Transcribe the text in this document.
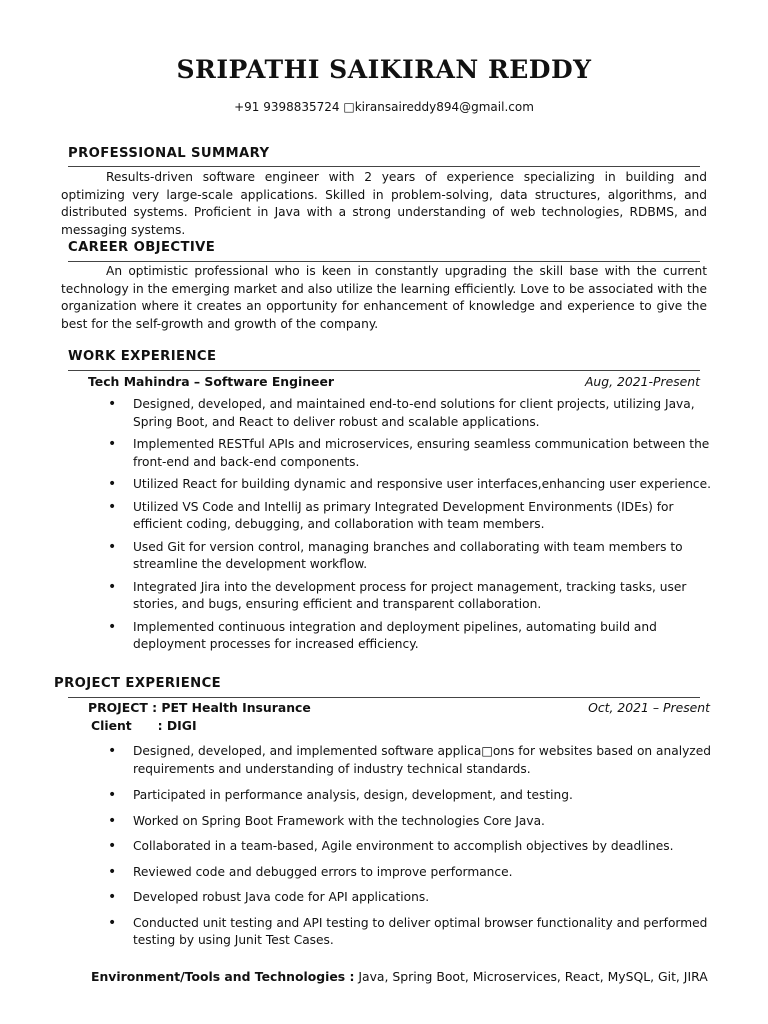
SRIPATHI SAIKIRAN REDDY
+91 9398835724 □kiransaireddy894@gmail.com
PROFESSIONAL SUMMARY

Results-driven software engineer with 2 years of experience specializing in building and optimizing very large-scale applications. Skilled in problem-solving, data structures, algorithms, and distributed systems. Proficient in Java with a strong understanding of web technologies, RDBMS, and messaging systems.

CAREER OBJECTIVE

An optimistic professional who is keen in constantly upgrading the skill base with the current technology in the emerging market and also utilize the learning efficiently. Love to be associated with the organization where it creates an opportunity for enhancement of knowledge and experience to give the best for the self-growth and growth of the company.

WORK EXPERIENCE
Tech Mahindra – Software Engineer	Aug, 2021-Present
• Designed, developed, and maintained end-to-end solutions for client projects, utilizing Java, Spring Boot, and React to deliver robust and scalable applications.
• Implemented RESTful APIs and microservices, ensuring seamless communication between the front-end and back-end components.
• Utilized React for building dynamic and responsive user interfaces,enhancing user experience.
• Utilized VS Code and IntelliJ as primary Integrated Development Environments (IDEs) for efficient coding, debugging, and collaboration with team members.
• Used Git for version control, managing branches and collaborating with team members to streamline the development workflow.
• Integrated Jira into the development process for project management, tracking tasks, user stories, and bugs, ensuring efficient and transparent collaboration.
• Implemented continuous integration and deployment pipelines, automating build and deployment processes for increased efficiency.
PROJECT EXPERIENCE
PROJECT : PET Health Insurance	Oct, 2021 – Present
Client      : DIGI
• Designed, developed, and implemented software applica□ons for websites based on analyzed requirements and understanding of industry technical standards.
• Participated in performance analysis, design, development, and testing.
• Worked on Spring Boot Framework with the technologies Core Java.
• Collaborated in a team-based, Agile environment to accomplish objectives by deadlines.
• Reviewed code and debugged errors to improve performance.
• Developed robust Java code for API applications.
• Conducted unit testing and API testing to deliver optimal browser functionality and performed testing by using Junit Test Cases.
Environment/Tools and Technologies : Java, Spring Boot, Microservices, React, MySQL, Git, JIRA
